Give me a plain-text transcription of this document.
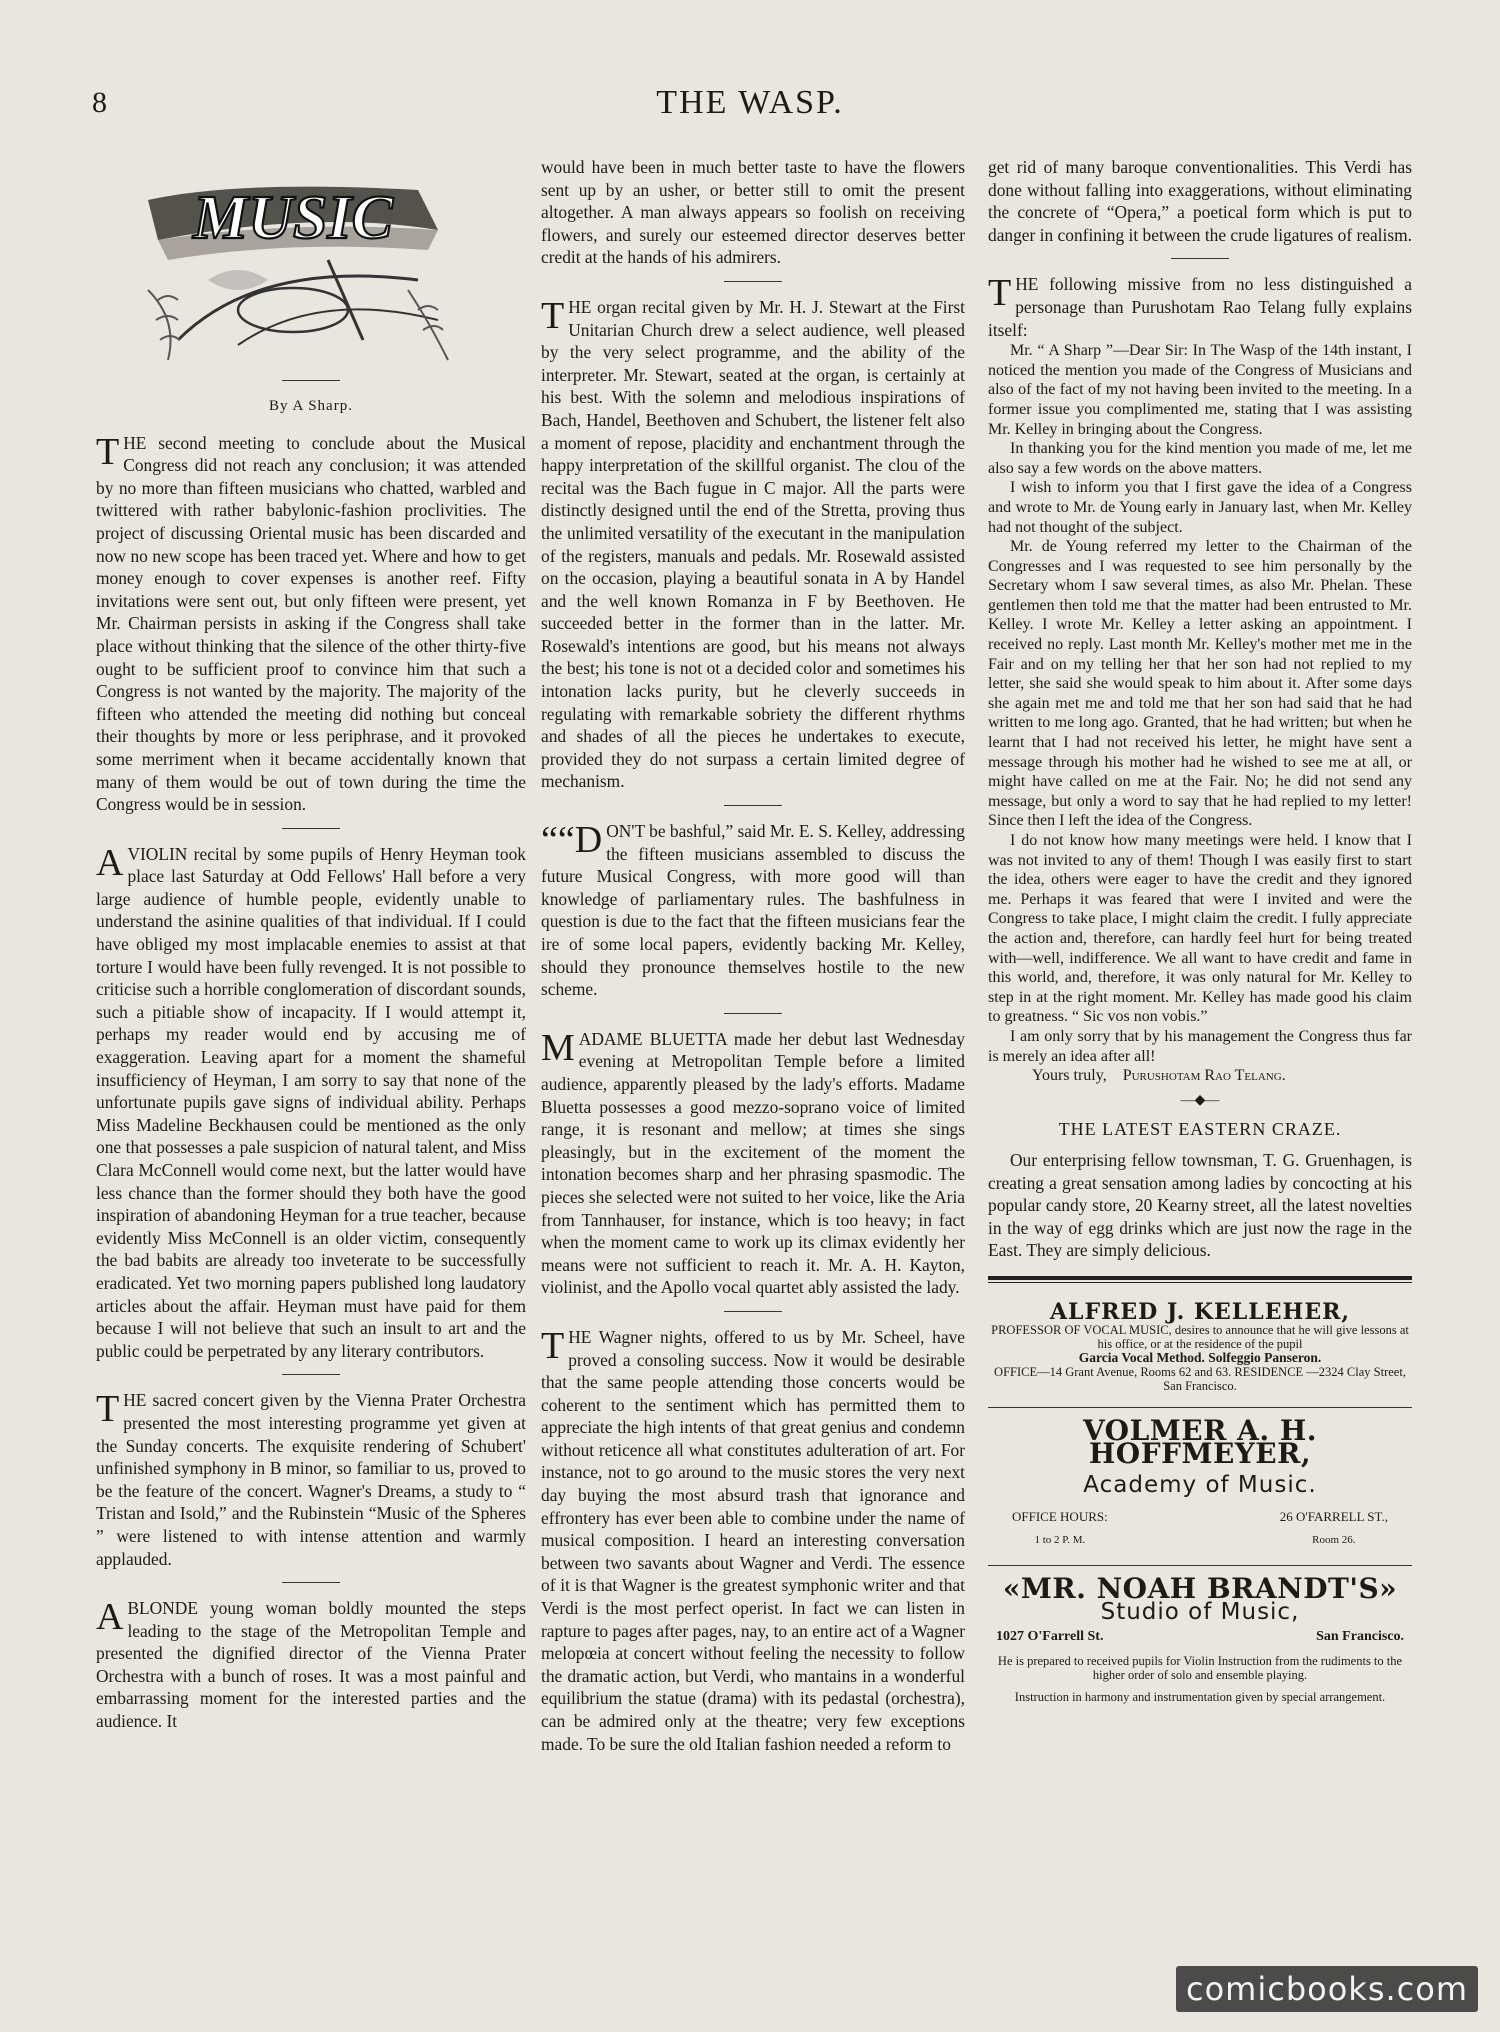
8	THE WASP.
MUSIC
By A Sharp.

THE second meeting to conclude about the Musical Congress did not reach any conclusion; it was attended by no more than fifteen musicians who chatted, warbled and twittered with rather babylonic-fashion proclivities. The project of discussing Oriental music has been discarded and now no new scope has been traced yet. Where and how to get money enough to cover expenses is another reef. Fifty invitations were sent out, but only fifteen were present, yet Mr. Chairman persists in asking if the Congress shall take place without thinking that the silence of the other thirty-five ought to be sufficient proof to convince him that such a Congress is not wanted by the majority. The majority of the fifteen who attended the meeting did nothing but conceal their thoughts by more or less periphrase, and it provoked some merriment when it became accidentally known that many of them would be out of town during the time the Congress would be in session.

AVIOLIN recital by some pupils of Henry Heyman took place last Saturday at Odd Fellows' Hall before a very large audience of humble people, evidently unable to understand the asinine qualities of that individual. If I could have obliged my most implacable enemies to assist at that torture I would have been fully revenged. It is not possible to criticise such a horrible conglomeration of discordant sounds, such a pitiable show of incapacity. If I would attempt it, perhaps my reader would end by accusing me of exaggeration. Leaving apart for a moment the shameful insufficiency of Heyman, I am sorry to say that none of the unfortunate pupils gave signs of individual ability. Perhaps Miss Madeline Beckhausen could be mentioned as the only one that possesses a pale suspicion of natural talent, and Miss Clara McConnell would come next, but the latter would have less chance than the former should they both have the good inspiration of abandoning Heyman for a true teacher, because evidently Miss McConnell is an older victim, consequently the bad babits are already too inveterate to be successfully eradicated. Yet two morning papers published long laudatory articles about the affair. Heyman must have paid for them because I will not believe that such an insult to art and the public could be perpetrated by any literary contributors.

THE sacred concert given by the Vienna Prater Orchestra presented the most interesting programme yet given at the Sunday concerts. The exquisite rendering of Schubert' unfinished symphony in B minor, so familiar to us, proved to be the feature of the concert. Wagner's Dreams, a study to “ Tristan and Isold,” and the Rubinstein “Music of the Spheres ” were listened to with intense attention and warmly applauded.

ABLONDE young woman boldly mounted the steps leading to the stage of the Metropolitan Temple and presented the dignified director of the Vienna Prater Orchestra with a bunch of roses. It was a most painful and embarrassing moment for the interested parties and the audience. It

would have been in much better taste to have the flowers sent up by an usher, or better still to omit the present altogether. A man always appears so foolish on receiving flowers, and surely our esteemed director deserves better credit at the hands of his admirers.

THE organ recital given by Mr. H. J. Stewart at the First Unitarian Church drew a select audience, well pleased by the very select programme, and the ability of the interpreter. Mr. Stewart, seated at the organ, is certainly at his best. With the solemn and melodious inspirations of Bach, Handel, Beethoven and Schubert, the listener felt also a moment of repose, placidity and enchantment through the happy interpretation of the skillful organist. The clou of the recital was the Bach fugue in C major. All the parts were distinctly designed until the end of the Stretta, proving thus the unlimited versatility of the executant in the manipulation of the registers, manuals and pedals. Mr. Rosewald assisted on the occasion, playing a beautiful sonata in A by Handel and the well known Romanza in F by Beethoven. He succeeded better in the former than in the latter. Mr. Rosewald's intentions are good, but his means not always the best; his tone is not ot a decided color and sometimes his intonation lacks purity, but he cleverly succeeds in regulating with remarkable sobriety the different rhythms and shades of all the pieces he undertakes to execute, provided they do not surpass a certain limited degree of mechanism.

““D ON'T be bashful,” said Mr. E. S. Kelley, addressing the fifteen musicians assembled to discuss the future Musical Congress, with more good will than knowledge of parliamentary rules. The bashfulness in question is due to the fact that the fifteen musicians fear the ire of some local papers, evidently backing Mr. Kelley, should they pronounce themselves hostile to the new scheme.

MADAME BLUETTA made her debut last Wednesday evening at Metropolitan Temple before a limited audience, apparently pleased by the lady's efforts. Madame Bluetta possesses a good mezzo-soprano voice of limited range, it is resonant and mellow; at times she sings pleasingly, but in the excitement of the moment the intonation becomes sharp and her phrasing spasmodic. The pieces she selected were not suited to her voice, like the Aria from Tannhauser, for instance, which is too heavy; in fact when the moment came to work up its climax evidently her means were not sufficient to reach it. Mr. A. H. Kayton, violinist, and the Apollo vocal quartet ably assisted the lady.

THE Wagner nights, offered to us by Mr. Scheel, have proved a consoling success. Now it would be desirable that the same people attending those concerts would be coherent to the sentiment which has permitted them to appreciate the high intents of that great genius and condemn without reticence all what constitutes adulteration of art. For instance, not to go around to the music stores the very next day buying the most absurd trash that ignorance and effrontery has ever been able to combine under the name of musical composition. I heard an interesting conversation between two savants about Wagner and Verdi. The essence of it is that Wagner is the greatest symphonic writer and that Verdi is the most perfect operist. In fact we can listen in rapture to pages after pages, nay, to an entire act of a Wagner melopœia at concert without feeling the necessity to follow the dramatic action, but Verdi, who mantains in a wonderful equilibrium the statue (drama) with its pedastal (orchestra), can be admired only at the theatre; very few exceptions made. To be sure the old Italian fashion needed a reform to

get rid of many baroque conventionalities. This Verdi has done without falling into exaggerations, without eliminating the concrete of “Opera,” a poetical form which is put to danger in confining it between the crude ligatures of realism.

THE following missive from no less distinguished a personage than Purushotam Rao Telang fully explains itself:

Mr. “ A Sharp ”—Dear Sir: In The Wasp of the 14th instant, I noticed the mention you made of the Congress of Musicians and also of the fact of my not having been invited to the meeting. In a former issue you complimented me, stating that I was assisting Mr. Kelley in bringing about the Congress.

In thanking you for the kind mention you made of me, let me also say a few words on the above matters.

I wish to inform you that I first gave the idea of a Congress and wrote to Mr. de Young early in January last, when Mr. Kelley had not thought of the subject.

Mr. de Young referred my letter to the Chairman of the Congresses and I was requested to see him personally by the Secretary whom I saw several times, as also Mr. Phelan. These gentlemen then told me that the matter had been entrusted to Mr. Kelley. I wrote Mr. Kelley a letter asking an appointment. I received no reply. Last month Mr. Kelley's mother met me in the Fair and on my telling her that her son had not replied to my letter, she said she would speak to him about it. After some days she again met me and told me that her son had said that he had written to me long ago. Granted, that he had written; but when he learnt that I had not received his letter, he might have sent a message through his mother had he wished to see me at all, or might have called on me at the Fair. No; he did not send any message, but only a word to say that he had replied to my letter! Since then I left the idea of the Congress.

I do not know how many meetings were held. I know that I was not invited to any of them! Though I was easily first to start the idea, others were eager to have the credit and they ignored me. Perhaps it was feared that were I invited and were the Congress to take place, I might claim the credit. I fully appreciate the action and, therefore, can hardly feel hurt for being treated with—well, indifference. We all want to have credit and fame in this world, and, therefore, it was only natural for Mr. Kelley to step in at the right moment. Mr. Kelley has made good his claim to greatness. “ Sic vos non vobis.”

I am only sorry that by his management the Congress thus far is merely an idea after all!

Yours truly, Purushotam Rao Telang.

—◆—
THE LATEST EASTERN CRAZE.

Our enterprising fellow townsman, T. G. Gruenhagen, is creating a great sensation among ladies by concocting at his popular candy store, 20 Kearny street, all the latest novelties in the way of egg drinks which are just now the rage in the East. They are simply delicious.

ALFRED J. KELLEHER,
PROFESSOR OF VOCAL MUSIC, desires to announce that he will give lessons at his office, or at the residence of the pupil
Garcia Vocal Method. Solfeggio Panseron.
OFFICE—14 Grant Avenue, Rooms 62 and 63. RESIDENCE —2324 Clay Street, San Francisco.
VOLMER A. H. HOFFMEYER,
Academy of Music.
OFFICE HOURS:
1 to 2 P. M.
26 O'FARRELL ST.,
Room 26.
«MR. NOAH BRANDT'S»
Studio of Music,
1027 O'Farrell St.	San Francisco.
He is prepared to received pupils for Violin Instruction from the rudiments to the higher order of solo and ensemble playing.
Instruction in harmony and instrumentation given by special arrangement.
comicbooks.com
